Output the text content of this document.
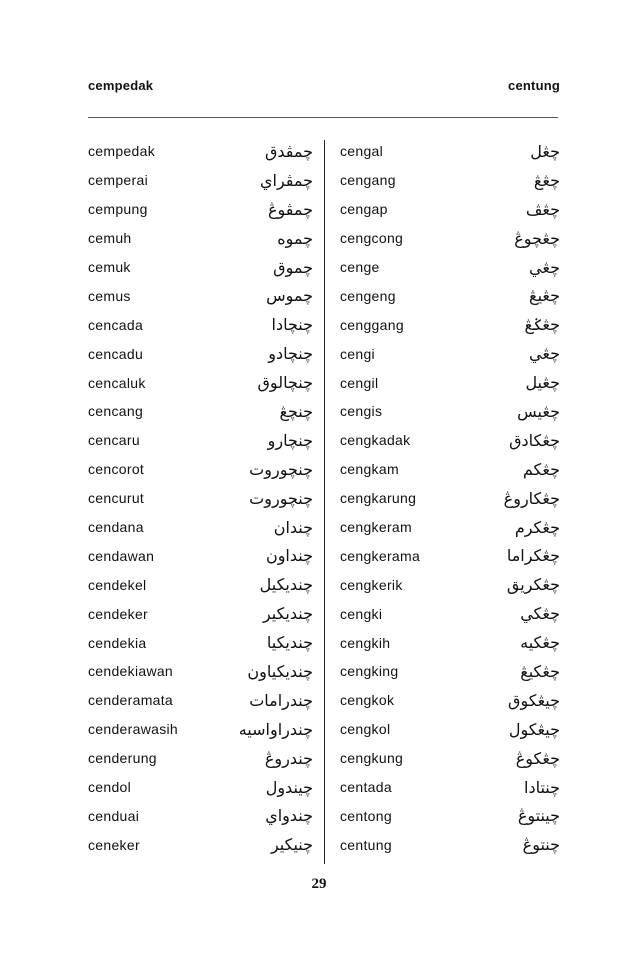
cempedak	centung
cempedak	چمڤدق
cemperai	چمڤراي
cempung	چمڤوڠ
cemuh	چموه
cemuk	چموق
cemus	چموس
cencada	چنچادا
cencadu	چنچادو
cencaluk	چنچالوق
cencang	چنچڠ
cencaru	چنچارو
cencorot	چنچوروت
cencurut	چنچوروت
cendana	چندان
cendawan	چنداون
cendekel	چنديکيل
cendeker	چنديکير
cendekia	چنديکيا
cendekiawan	چنديکياون
cenderamata	چندرامات
cenderawasih	چندراواسيه
cenderung	چندروڠ
cendol	چيندول
cenduai	چندواي
ceneker	چنيکير
cengal	چڠل
cengang	چڠڠ
cengap	چڠڤ
cengcong	چڠچوڠ
cenge	چڠي
cengeng	چڠيڠ
cenggang	چڠݢڠ
cengi	چڠي
cengil	چڠيل
cengis	چڠيس
cengkadak	چڠکادق
cengkam	چڠکم
cengkarung	چڠکاروڠ
cengkeram	چڠکرم
cengkerama	چڠکراما
cengkerik	چڠکريق
cengki	چڠکي
cengkih	چڠکيه
cengking	چڠکيڠ
cengkok	چيڠکوق
cengkol	چيڠکول
cengkung	چڠکوڠ
centada	چنتادا
centong	چينتوڠ
centung	چنتوڠ
29
